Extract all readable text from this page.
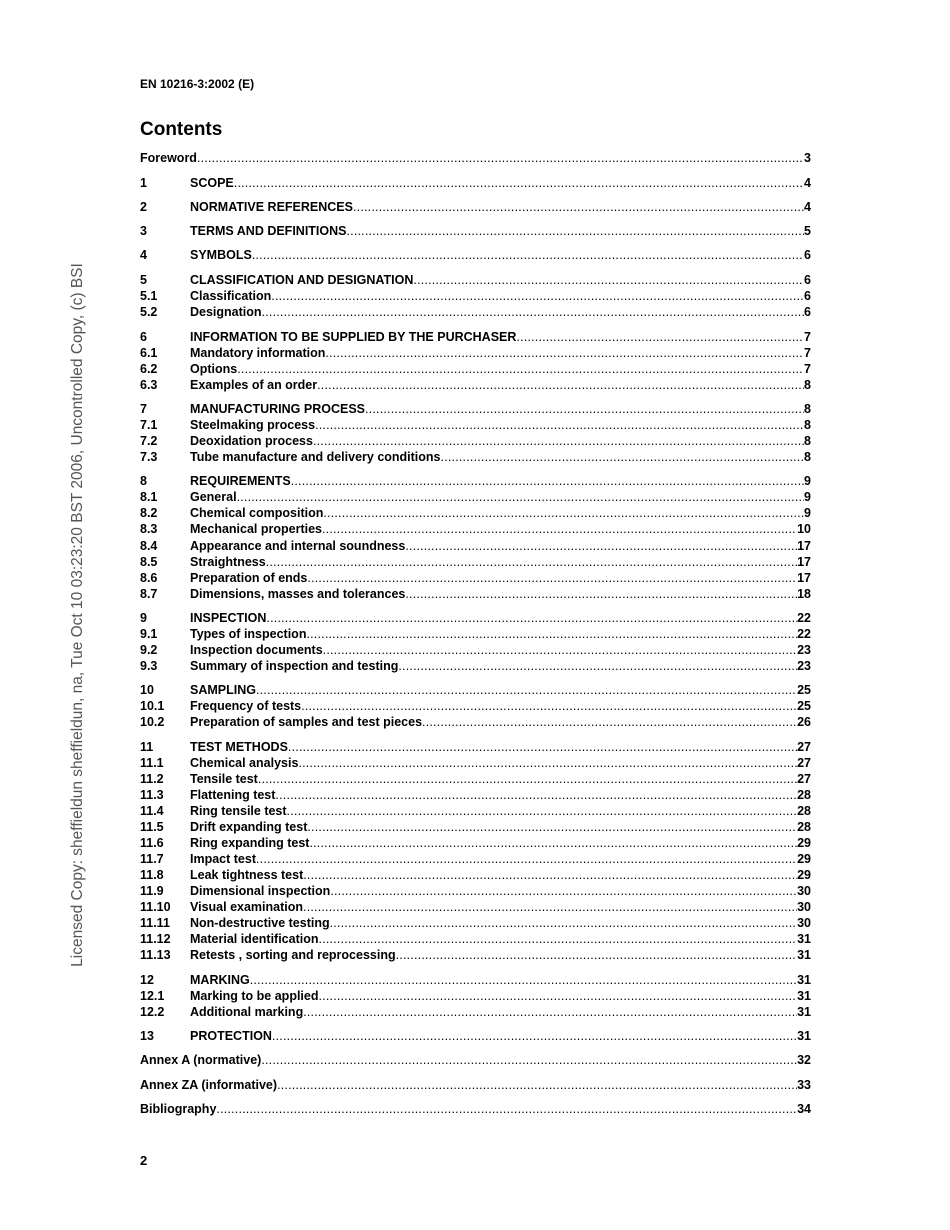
EN 10216-3:2002 (E)
Contents
Foreword .....	3
1	SCOPE .....	4
2	NORMATIVE REFERENCES .....	4
3	TERMS AND DEFINITIONS .....	5
4	SYMBOLS .....	6
5	CLASSIFICATION AND DESIGNATION .....	6
5.1	Classification .....	6
5.2	Designation .....	6
6	INFORMATION TO BE SUPPLIED BY THE PURCHASER .....	7
6.1	Mandatory information .....	7
6.2	Options .....	7
6.3	Examples of an order .....	8
7	MANUFACTURING PROCESS .....	8
7.1	Steelmaking process .....	8
7.2	Deoxidation process .....	8
7.3	Tube manufacture and delivery conditions .....	8
8	REQUIREMENTS .....	9
8.1	General .....	9
8.2	Chemical composition .....	9
8.3	Mechanical properties .....	10
8.4	Appearance and internal soundness .....	17
8.5	Straightness .....	17
8.6	Preparation of ends .....	17
8.7	Dimensions, masses and tolerances .....	18
9	INSPECTION .....	22
9.1	Types of inspection .....	22
9.2	Inspection documents .....	23
9.3	Summary of inspection and testing .....	23
10	SAMPLING .....	25
10.1	Frequency of tests .....	25
10.2	Preparation of samples and test pieces .....	26
11	TEST METHODS .....	27
11.1	Chemical analysis .....	27
11.2	Tensile test .....	27
11.3	Flattening test .....	28
11.4	Ring tensile test .....	28
11.5	Drift expanding test .....	28
11.6	Ring expanding test .....	29
11.7	Impact test .....	29
11.8	Leak tightness test .....	29
11.9	Dimensional inspection .....	30
11.10	Visual examination .....	30
11.11	Non-destructive testing .....	30
11.12	Material identification .....	31
11.13	Retests , sorting and reprocessing .....	31
12	MARKING .....	31
12.1	Marking to be applied .....	31
12.2	Additional marking .....	31
13	PROTECTION .....	31
Annex A (normative) .....	32
Annex ZA (informative) .....	33
Bibliography .....	34
Licensed Copy: sheffieldun sheffieldun, na, Tue Oct 10 03:23:20 BST 2006, Uncontrolled Copy, (c) BSI
2
